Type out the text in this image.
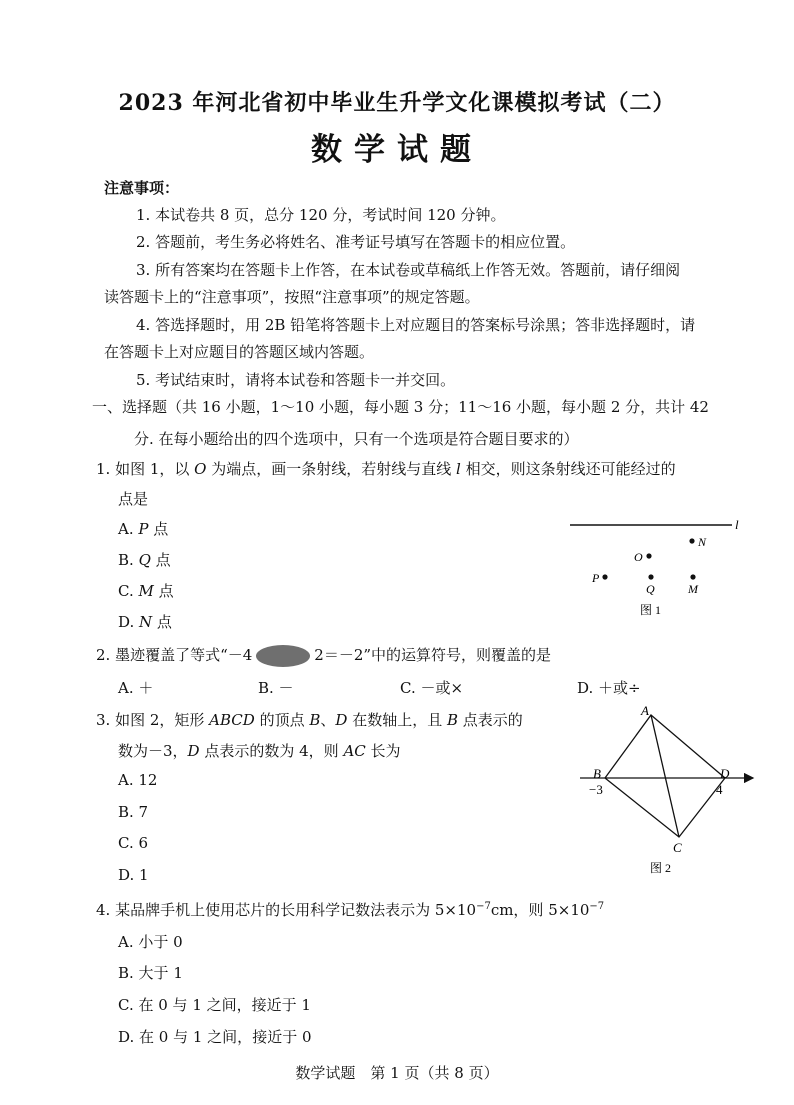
2023 年河北省初中毕业生升学文化课模拟考试（二）
数学试题
注意事项：
1. 本试卷共 8 页，总分 120 分，考试时间 120 分钟。
2. 答题前，考生务必将姓名、准考证号填写在答题卡的相应位置。
3. 所有答案均在答题卡上作答，在本试卷或草稿纸上作答无效。答题前，请仔细阅
读答题卡上的“注意事项”，按照“注意事项”的规定答题。
4. 答选择题时，用 2B 铅笔将答题卡上对应题目的答案标号涂黑；答非选择题时，请
在答题卡上对应题目的答题区域内答题。
5. 考试结束时，请将本试卷和答题卡一并交回。
一、选择题（共 16 小题，1～10 小题，每小题 3 分；11～16 小题，每小题 2 分，共计 42
分. 在每小题给出的四个选项中，只有一个选项是符合题目要求的）
1. 如图 1，以 O 为端点，画一条射线，若射线与直线 l 相交，则这条射线还可能经过的
点是
A. P 点
B. Q 点
C. M 点
D. N 点
l
N
O
P
Q	M
图 1
2. 墨迹覆盖了等式“－4	2＝－2”中的运算符号，则覆盖的是
A. ＋	B. －	C. －或×	D. ＋或÷
3. 如图 2，矩形 ABCD 的顶点 B、D 在数轴上，且 B 点表示的
数为－3，D 点表示的数为 4，则 AC 长为
A. 12
B. 7
C. 6
D. 1
A
B	D
C
−3	4
图 2
4. 某品牌手机上使用芯片的长用科学记数法表示为 $5\times 10^{-7}cm$，则 $5\times 10^{-7}$
A. 小于 0
B. 大于 1
C. 在 0 与 1 之间，接近于 1
D. 在 0 与 1 之间，接近于 0
数学试题　第 1 页（共 8 页）
